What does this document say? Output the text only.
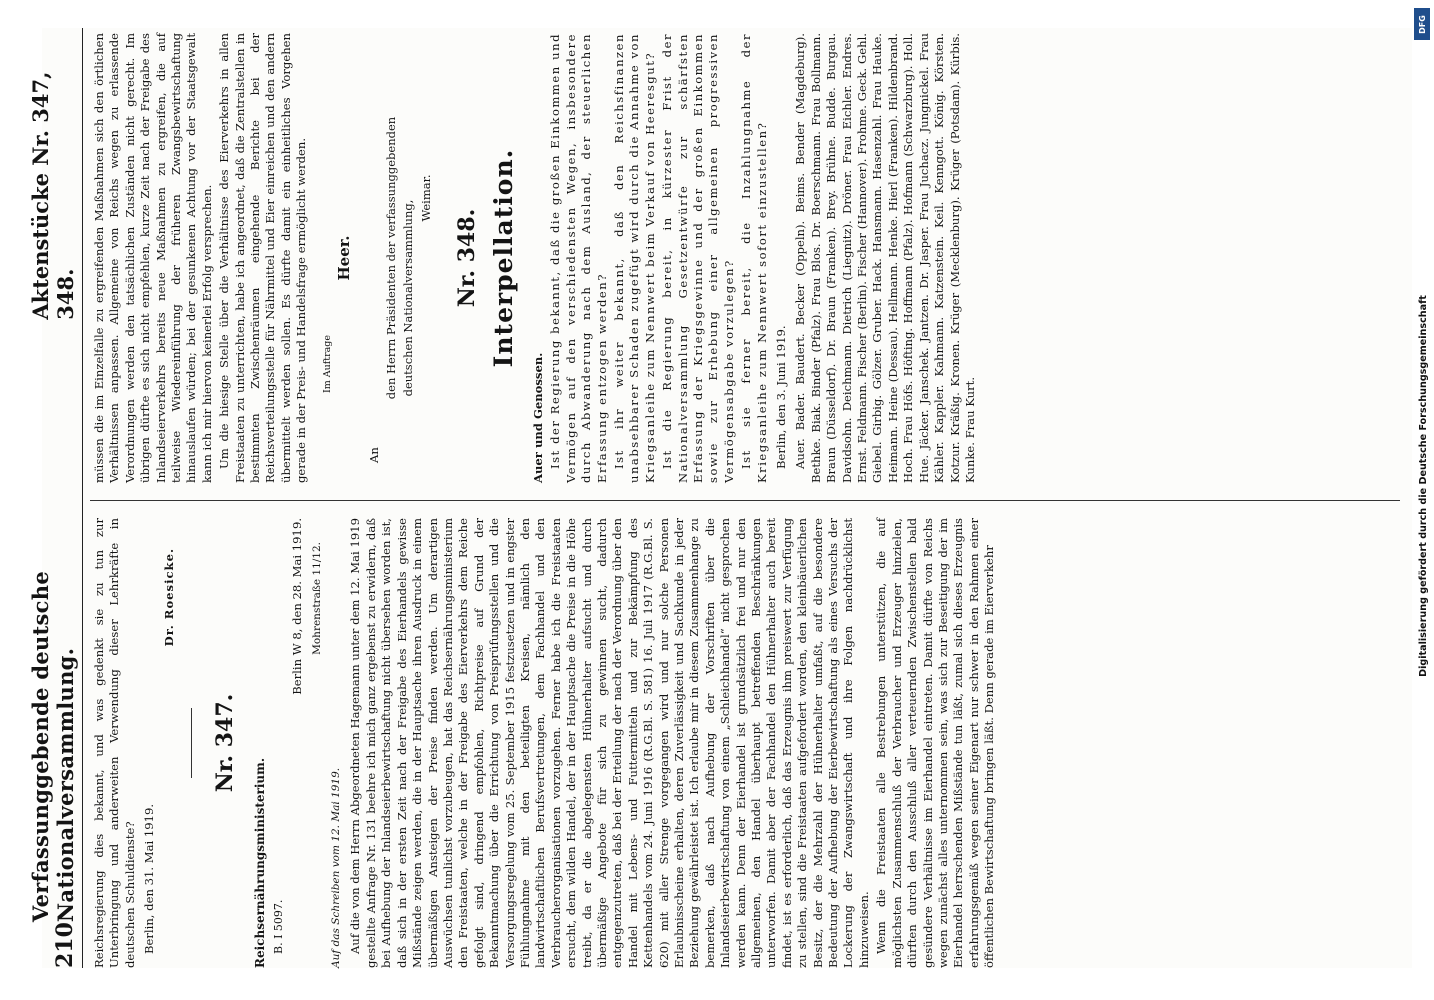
210
Verfassunggebende deutsche Nationalversammlung.
Aktenstücke Nr. 347, 348.

Reichsregierung dies bekannt, und was gedenkt sie zu tun zur Unterbringung und anderweiten Verwendung dieser Lehrkräfte in deutschen Schuldienste? Berlin, den 31. Mai 1919.

Dr. Roesicke.

Nr. 347.

Reichsernährungsministerium. B. I 5097.

Berlin W 8, den 28. Mai 1919. Mohrenstraße 11/12.

Auf das Schreiben vom 12. Mai 1919. Auf die von dem Herrn Abgeordneten Hagemann unter dem 12. Mai 1919 gestellte Anfrage Nr. 131 beehre ich mich ganz ergebenst zu erwidern, daß bei Aufhebung der Inlandseierbewirtschaftung nicht übersehen worden ist, daß sich in der ersten Zeit nach der Freigabe des Eierhandels gewisse Mißstände zeigen werden, die in der Hauptsache ihren Ausdruck in einem übermäßigen Ansteigen der Preise finden werden. Um derartigen Auswüchsen tunlichst vorzubeugen, hat das Reichsernährungsministerium den Freistaaten, welche in der Freigabe des Eierverkehrs dem Reiche gefolgt sind, dringend empfohlen, Richtpreise auf Grund der Bekanntmachung über die Errichtung von Preisprüfungsstellen und die Versorgungsregelung vom 25. September 1915 festzusetzen und in engster Fühlungnahme mit den beteiligten Kreisen, nämlich den landwirtschaftlichen Berufsvertretungen, dem Fachhandel und den Verbraucherorganisationen vorzugehen. Ferner habe ich die Freistaaten ersucht, dem wilden Handel, der in der Hauptsache die Preise in die Höhe treibt, da er die abgelegensten Hühnerhalter aufsucht und durch übermäßige Angebote für sich zu gewinnen sucht, dadurch entgegenzutreten, daß bei der Erteilung der nach der Verordnung über den Handel mit Lebens- und Futtermitteln und zur Bekämpfung des Kettenhandels vom 24. Juni 1916 (R.G.Bl. S. 581) 16. Juli 1917 (R.G.Bl. S. 620) mit aller Strenge vorgegangen wird und nur solche Personen Erlaubnisscheine erhalten, deren Zuverlässigkeit und Sachkunde in jeder Beziehung gewährleistet ist. Ich erlaube mir in diesem Zusammenhange zu bemerken, daß nach Aufhebung der Vorschriften über die Inlandseierbewirtschaftung von einem „Schleichhandel“ nicht gesprochen werden kann. Denn der Eierhandel ist grundsätzlich frei und nur den allgemeinen, den Handel überhaupt betreffenden Beschränkungen unterworfen. Damit aber der Fachhandel den Hühnerhalter auch bereit findet, ist es erforderlich, daß das Erzeugnis ihm preiswert zur Verfügung zu stellen, sind die Freistaaten aufgefordert worden, den kleinbäuerlichen Besitz, der die Mehrzahl der Hühnerhalter umfaßt, auf die besondere Bedeutung der Aufhebung der Eierbewirtschaftung als eines Versuchs der Lockerung der Zwangswirtschaft und ihre Folgen nachdrücklichst hinzuweisen. Wenn die Freistaaten alle Bestrebungen unterstützen, die auf möglichsten Zusammenschluß der Verbraucher und Erzeuger hinzielen, dürften durch den Ausschluß aller verteuernden Zwischenstellen bald gesündere Verhältnisse im Eierhandel eintreten. Damit dürfte von Reichs wegen zunächst alles unternommen sein, was sich zur Beseitigung der im Eierhandel herrschenden Mißstände tun läßt, zumal sich dieses Erzeugnis erfahrungsgemäß wegen seiner Eigenart nur schwer in den Rahmen einer öffentlichen Bewirtschaftung bringen läßt. Denn gerade im Eierverkehr

müssen die im Einzelfalle zu ergreifenden Maßnahmen sich den örtlichen Verhältnissen anpassen. Allgemeine von Reichs wegen zu erlassende Verordnungen werden den tatsächlichen Zuständen nicht gerecht. Im übrigen dürfte es sich nicht empfehlen, kurze Zeit nach der Freigabe des Inlandseierverkehrs bereits neue Maßnahmen zu ergreifen, die auf teilweise Wiedereinführung der früheren Zwangsbewirtschaftung hinauslaufen würden; bei der gesunkenen Achtung vor der Staatsgewalt kann ich mir hiervon keinerlei Erfolg versprechen. Um die hiesige Stelle über die Verhältnisse des Eierverkehrs in allen Freistaaten zu unterrichten, habe ich angeordnet, daß die Zentralstellen in bestimmten Zwischenräumen eingehende Berichte bei der Reichsverteilungsstelle für Nährmittel und Eier einreichen und den andern übermittelt werden sollen. Es dürfte damit ein einheitliches Vorgehen gerade in der Preis- und Handelsfrage ermöglicht werden. Im Auftrage

Heer.

An

den Herrn Präsidenten der verfassunggebenden deutschen Nationalversammlung,

Weimar.

Nr. 348. Interpellation.

Auer und Genossen. Ist der Regierung bekannt, daß die großen Einkommen und Vermögen auf den verschiedensten Wegen, insbesondere durch Abwanderung nach dem Ausland, der steuerlichen Erfassung entzogen werden? Ist ihr weiter bekannt, daß den Reichsfinanzen unabsehbarer Schaden zugefügt wird durch die Annahme von Kriegsanleihe zum Nennwert beim Verkauf von Heeresgut? Ist die Regierung bereit, in kürzester Frist der Nationalversammlung Gesetzentwürfe zur schärfsten Erfassung der Kriegsgewinne und der großen Einkommen sowie zur Erhebung einer allgemeinen progressiven Vermögensabgabe vorzulegen? Ist sie ferner bereit, die Inzahlungnahme der Kriegsanleihe zum Nennwert sofort einzustellen? Berlin, den 3. Juni 1919. Auer. Bader. Baudert. Becker (Oppeln). Beims. Bender (Magdeburg). Bethke. Biak. Binder (Pfalz). Frau Blos. Dr. Boerschmann. Frau Bollmann. Braun (Düsseldorf). Dr. Braun (Franken). Brey. Brühne. Budde. Burgau. Davidsohn. Deichmann. Dietrich (Liegnitz). Dröner. Frau Eichler. Endres. Ernst. Feldmann. Fischer (Berlin). Fischer (Hannover). Frohme. Geck. Gehl. Giebel. Girbig. Gölzer. Gruber. Hack. Hansmann. Hasenzahl. Frau Hauke. Heimann. Heine (Dessau). Hellmann. Henke. Hierl (Franken). Hildenbrand. Hoch. Frau Höfs. Höfting. Hoffmann (Pfalz). Hofmann (Schwarzburg). Holl. Hue. Jäcker. Janschek. Jantzen. Dr. Jasper. Frau Juchacz. Jungnickel. Frau Kähler. Kappler. Kahmann. Katzenstein. Keil. Kenngott. König. Körsten. Kotzur. Kräßig. Kronen. Krüger (Mecklenburg). Krüger (Potsdam). Kürbis. Kunke. Frau Kurt.

DFG
Digitalisierung gefördert durch die Deutsche Forschungsgemeinschaft
